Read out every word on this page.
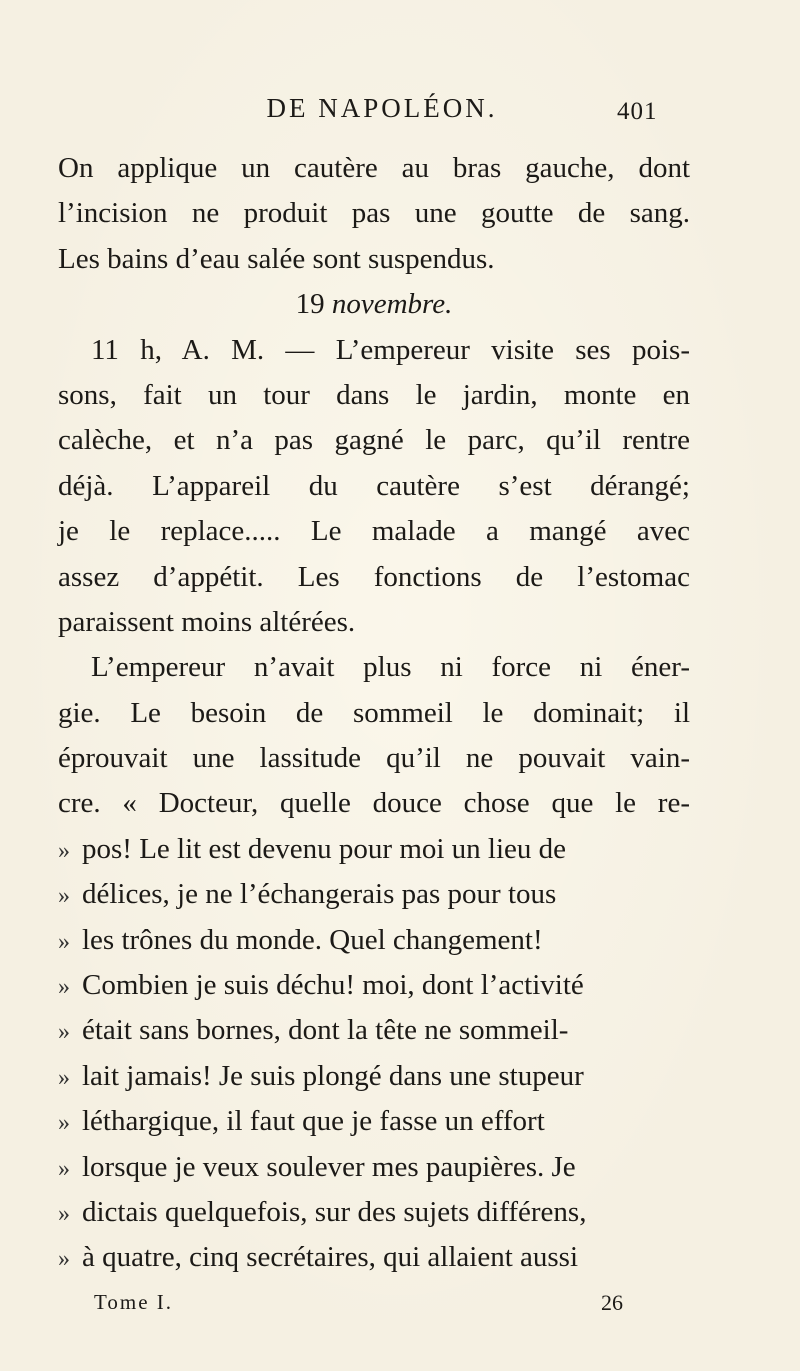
DE NAPOLÉON.	401
On applique un cautère au bras gauche, dont
l’incision ne produit pas une goutte de sang.
Les bains d’eau salée sont suspendus.
19 novembre.
11 h, A. M. — L’empereur visite ses pois-
sons, fait un tour dans le jardin, monte en
calèche, et n’a pas gagné le parc, qu’il rentre
déjà. L’appareil du cautère s’est dérangé;
je le replace..... Le malade a mangé avec
assez d’appétit. Les fonctions de l’estomac
paraissent moins altérées.
L’empereur n’avait plus ni force ni éner-
gie. Le besoin de sommeil le dominait; il
éprouvait une lassitude qu’il ne pouvait vain-
cre. « Docteur, quelle douce chose que le re-
» pos! Le lit est devenu pour moi un lieu de
» délices, je ne l’échangerais pas pour tous
» les trônes du monde. Quel changement!
» Combien je suis déchu! moi, dont l’activité
» était sans bornes, dont la tête ne sommeil-
» lait jamais! Je suis plongé dans une stupeur
» léthargique, il faut que je fasse un effort
» lorsque je veux soulever mes paupières. Je
» dictais quelquefois, sur des sujets différens,
» à quatre, cinq secrétaires, qui allaient aussi
Tome I.	26
